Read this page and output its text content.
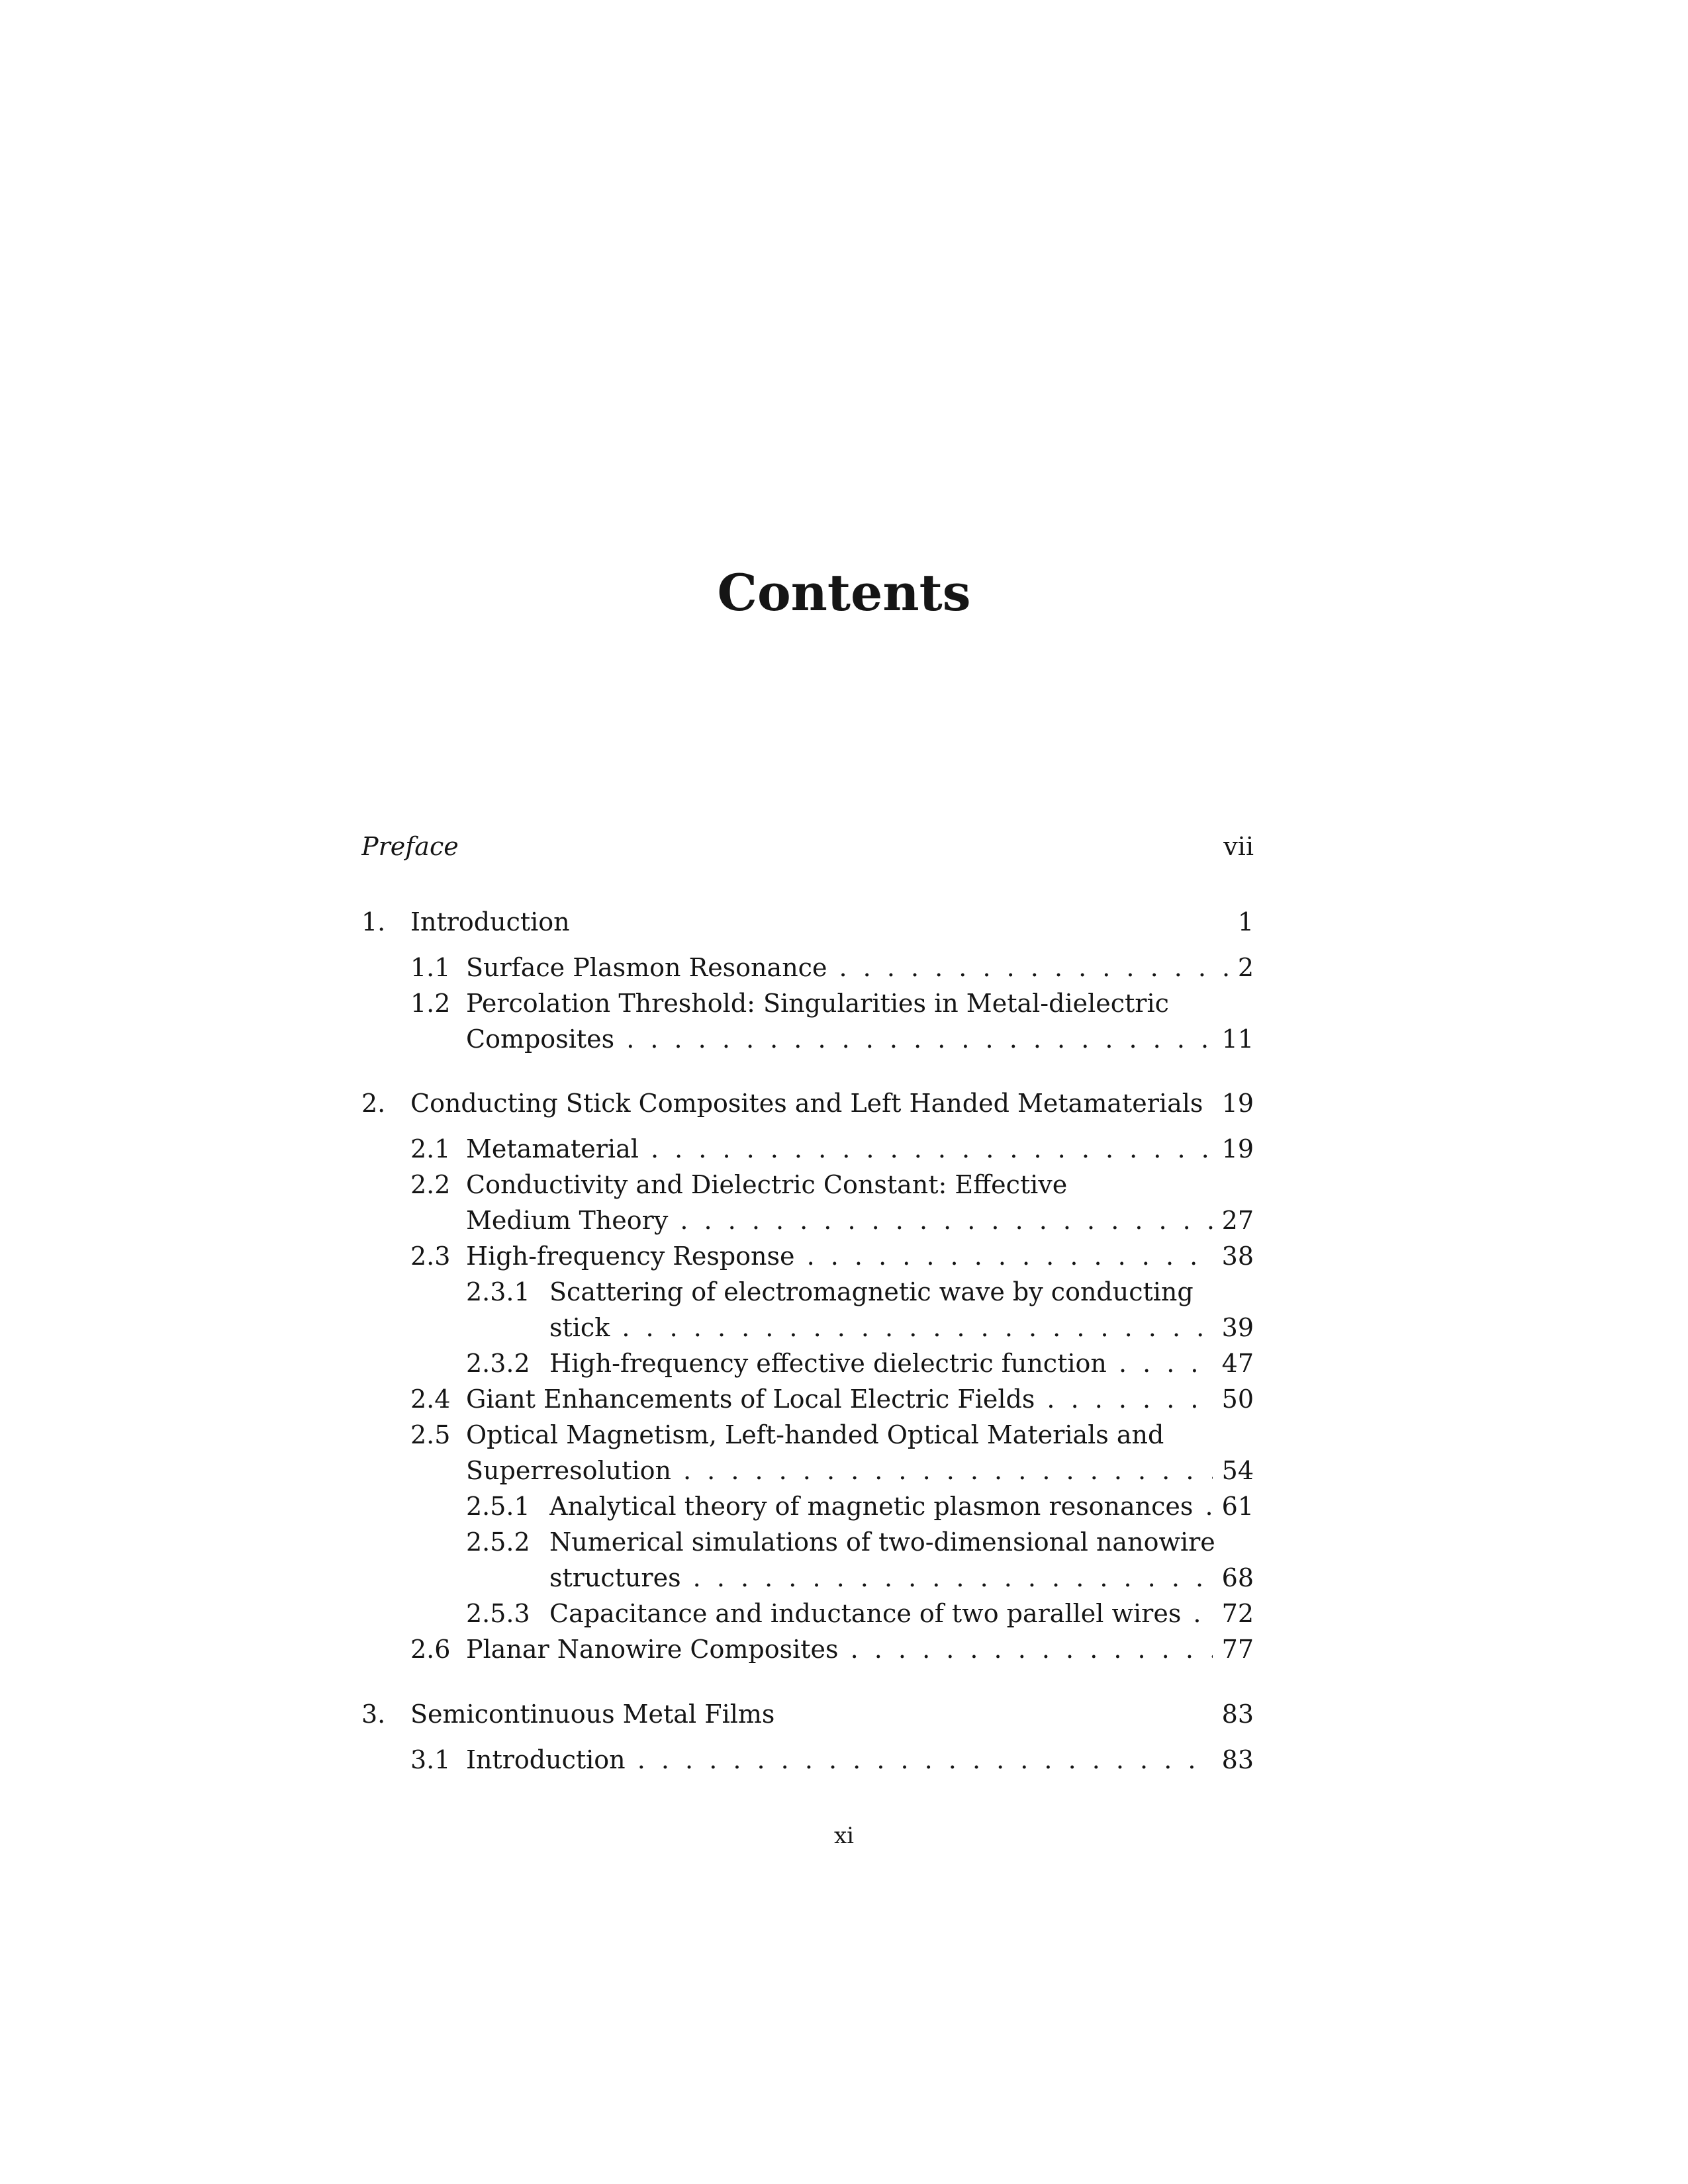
Contents
Preface	vii
1. Introduction	1
1.1 Surface Plasmon Resonance . . .	2
1.2 Percolation Threshold: Singularities in Metal-dielectric
Composites . . .	11
2. Conducting Stick Composites and Left Handed Metamaterials 19
2.1 Metamaterial . . .	19
2.2 Conductivity and Dielectric Constant: Effective
Medium Theory . . .	27
2.3 High-frequency Response . . .	38
2.3.1 Scattering of electromagnetic wave by conducting
stick . . .	39
2.3.2 High-frequency effective dielectric function . . .	47
2.4 Giant Enhancements of Local Electric Fields . . .	50
2.5 Optical Magnetism, Left-handed Optical Materials and
Superresolution . . .	54
2.5.1 Analytical theory of magnetic plasmon resonances . . .	61
2.5.2 Numerical simulations of two-dimensional nanowire
structures . . .	68
2.5.3 Capacitance and inductance of two parallel wires . . .	72
2.6 Planar Nanowire Composites . . .	77
3. Semicontinuous Metal Films	83
3.1 Introduction . . .	83
xi
